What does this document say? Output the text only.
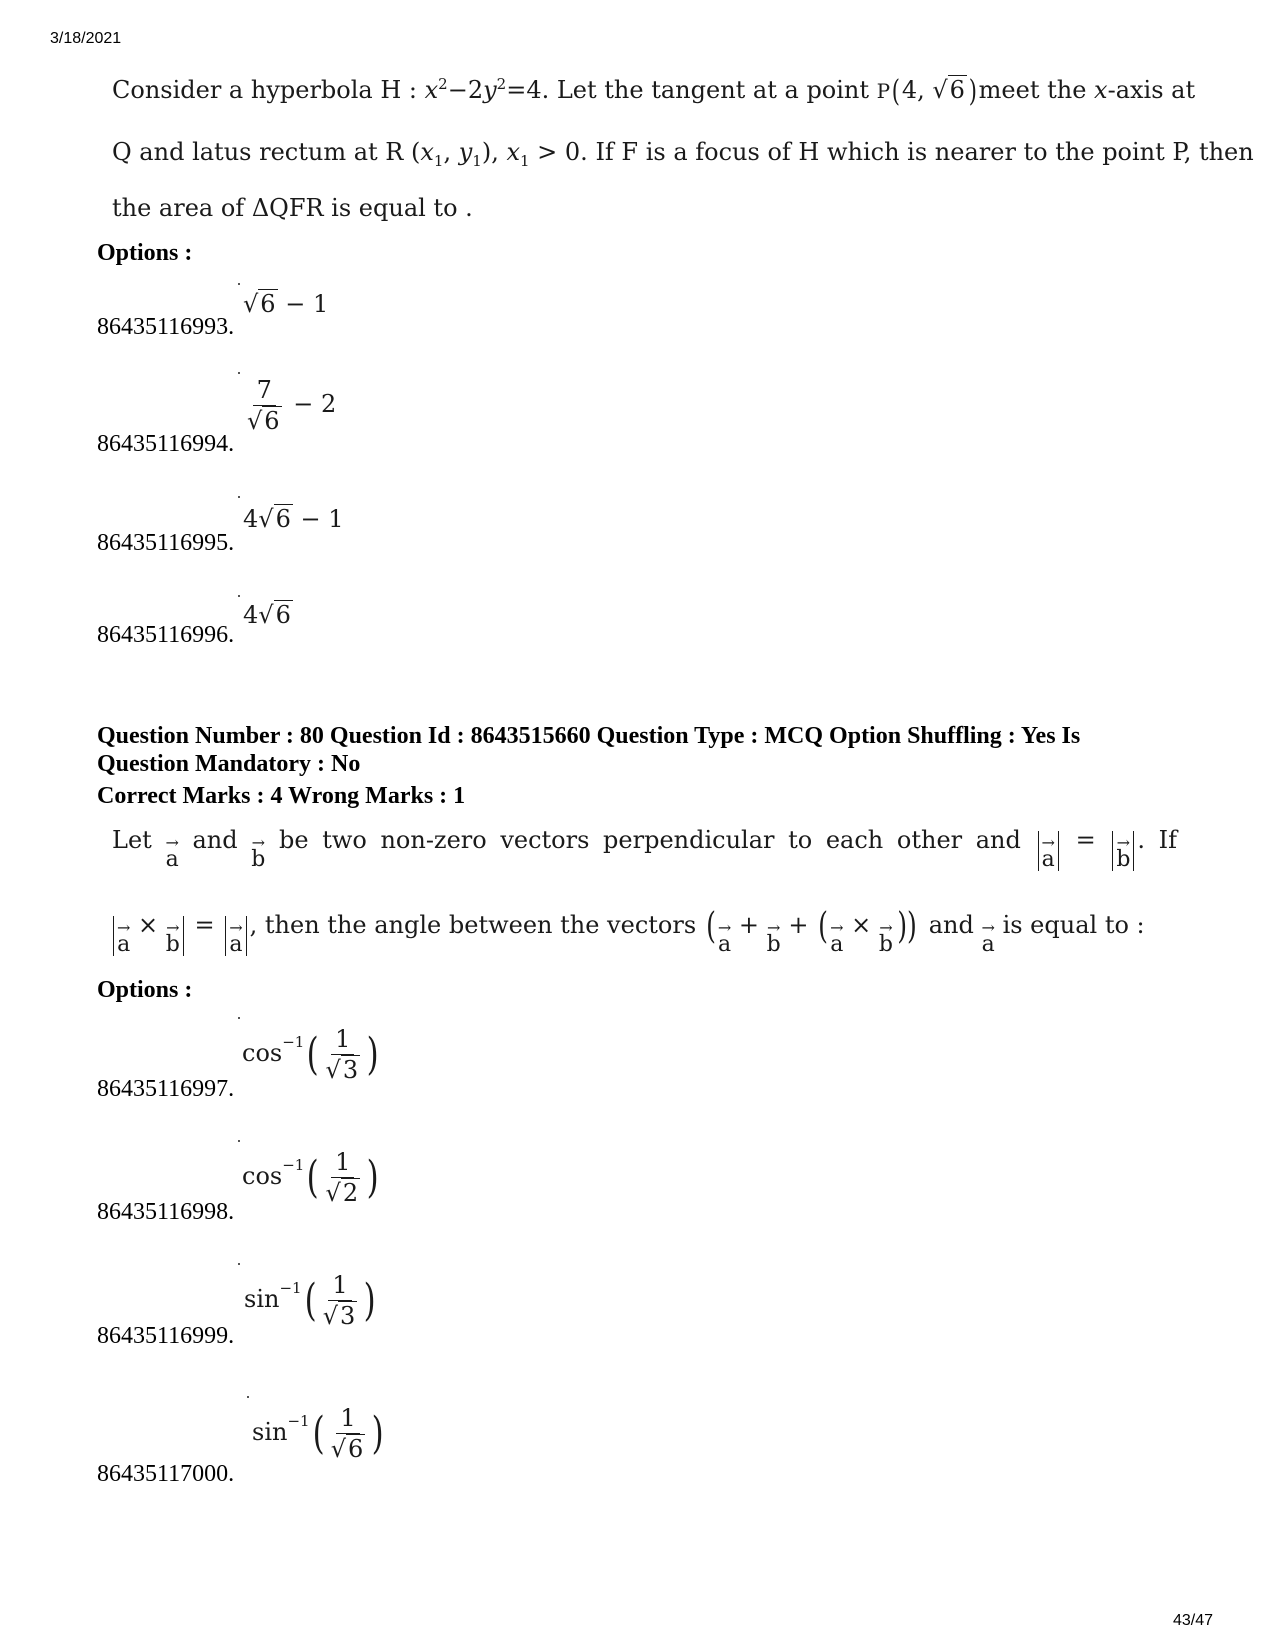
3/18/2021
43/47
Consider a hyperbola H : $x^2-2y^2=4$. Let the tangent at a point P(4, √6 )meet the x-axis at
Q and latus rectum at R ($x_1$, $y_1$), $x_1 > 0$. If F is a focus of H which is nearer to the point P, then
the area of ΔQFR is equal to .
Options :
√6 − 1
86435116993.
$\frac{7}{√6} - 2$
86435116994.
4√6 − 1
86435116995.
4√6
86435116996.
Question Number : 80 Question Id : 8643515660 Question Type : MCQ Option Shuffling : Yes Is
Question Mandatory : No
Correct Marks : 4 Wrong Marks : 1
Let →
a
and →
b
be two non-zero vectors perpendicular to each other and →
a
= →
b
. If
→
a
× →
b
= →
a
, then the angle between the vectors ( →
a
+ →
b
+ ( →
a
× →
b )) and →
a
is equal to :
Options :
$\cos^{-1}( \frac{1}{√3}$ )
86435116997.
$\cos^{-1}( \frac{1}{√2}$ )
86435116998.
$\sin^{-1}( \frac{1}{√3}$ )
86435116999.
$\sin^{-1}( \frac{1}{√6}$ )
86435117000.
